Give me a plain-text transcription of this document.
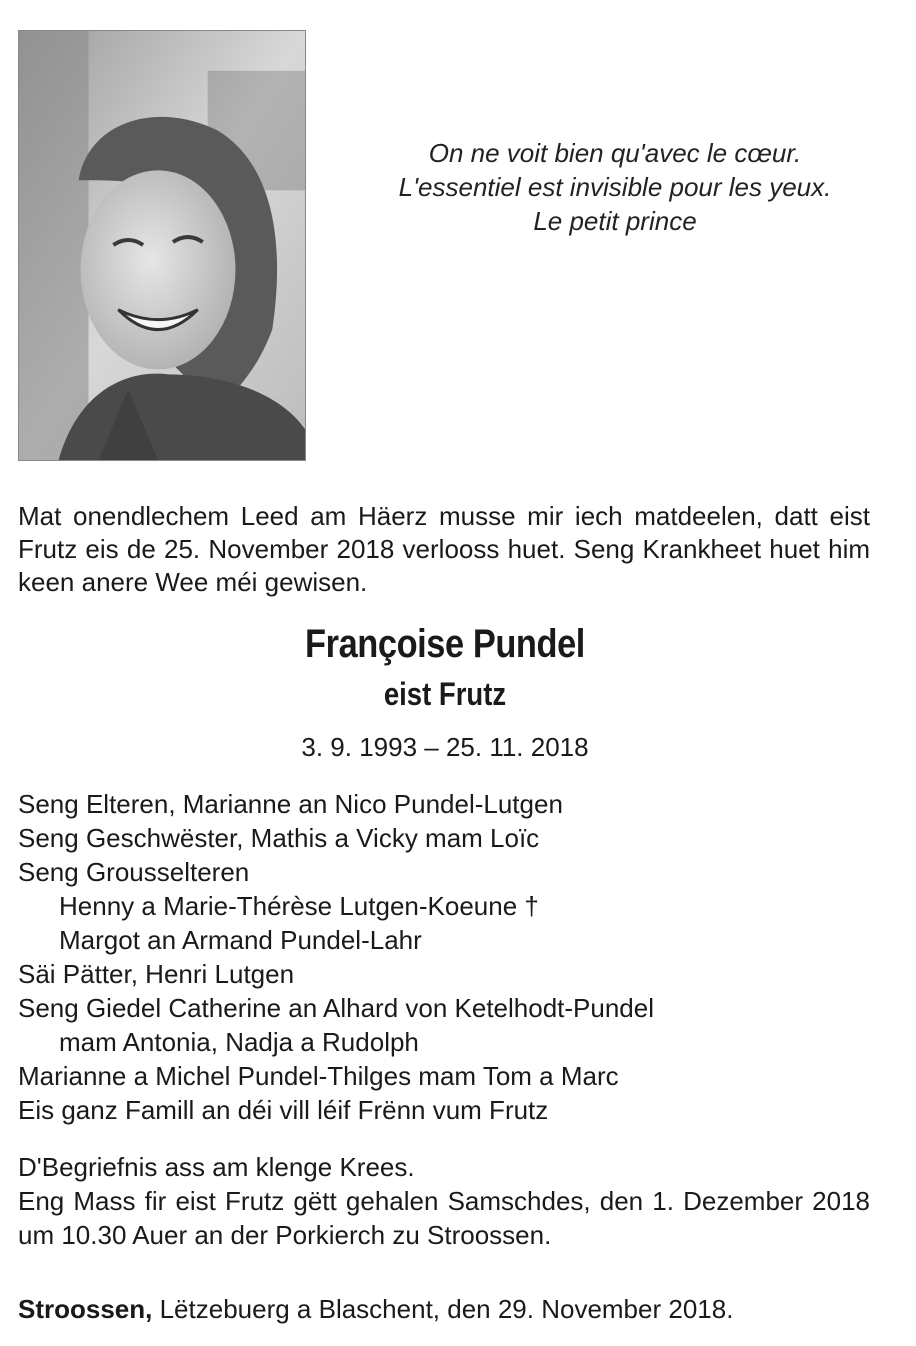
On ne voit bien qu'avec le cœur.
L'essentiel est invisible pour les yeux.
Le petit prince
Mat onendlechem Leed am Häerz musse mir iech matdeelen, datt eist Frutz eis de 25. November 2018 verlooss huet. Seng Krankheet huet him keen anere Wee méi gewisen.
Françoise Pundel
eist Frutz
3. 9. 1993 – 25. 11. 2018
Seng Elteren, Marianne an Nico Pundel-Lutgen
Seng Geschwëster, Mathis a Vicky mam Loïc
Seng Grousselteren
Henny a Marie-Thérèse Lutgen-Koeune †
Margot an Armand Pundel-Lahr
Säi Pätter, Henri Lutgen
Seng Giedel Catherine an Alhard von Ketelhodt-Pundel
mam Antonia, Nadja a Rudolph
Marianne a Michel Pundel-Thilges mam Tom a Marc
Eis ganz Famill an déi vill léif Frënn vum Frutz
D'Begriefnis ass am klenge Krees.
Eng Mass fir eist Frutz gëtt gehalen Samschdes, den 1. Dezember 2018 um 10.30 Auer an der Porkierch zu Stroossen.
Stroossen, Lëtzebuerg a Blaschent, den 29. November 2018.
